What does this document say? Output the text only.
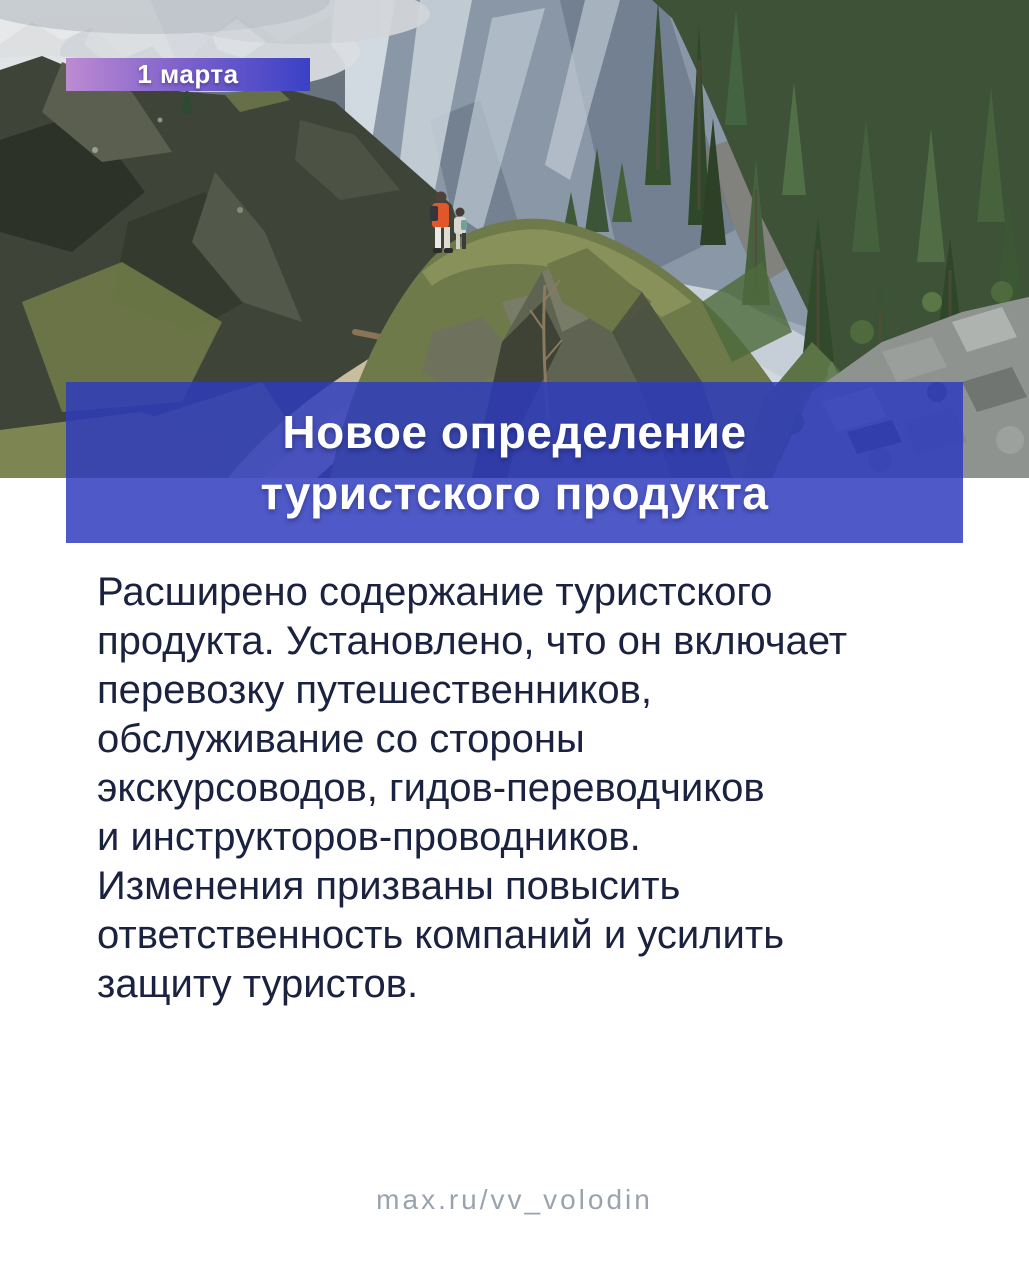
1 марта
Новое определение
туристского продукта
Расширено содержание туристского
продукта. Установлено, что он включает
перевозку путешественников,
обслуживание со стороны
экскурсоводов, гидов-переводчиков
и инструкторов-проводников.
Изменения призваны повысить
ответственность компаний и усилить
защиту туристов.
max.ru/vv_volodin
